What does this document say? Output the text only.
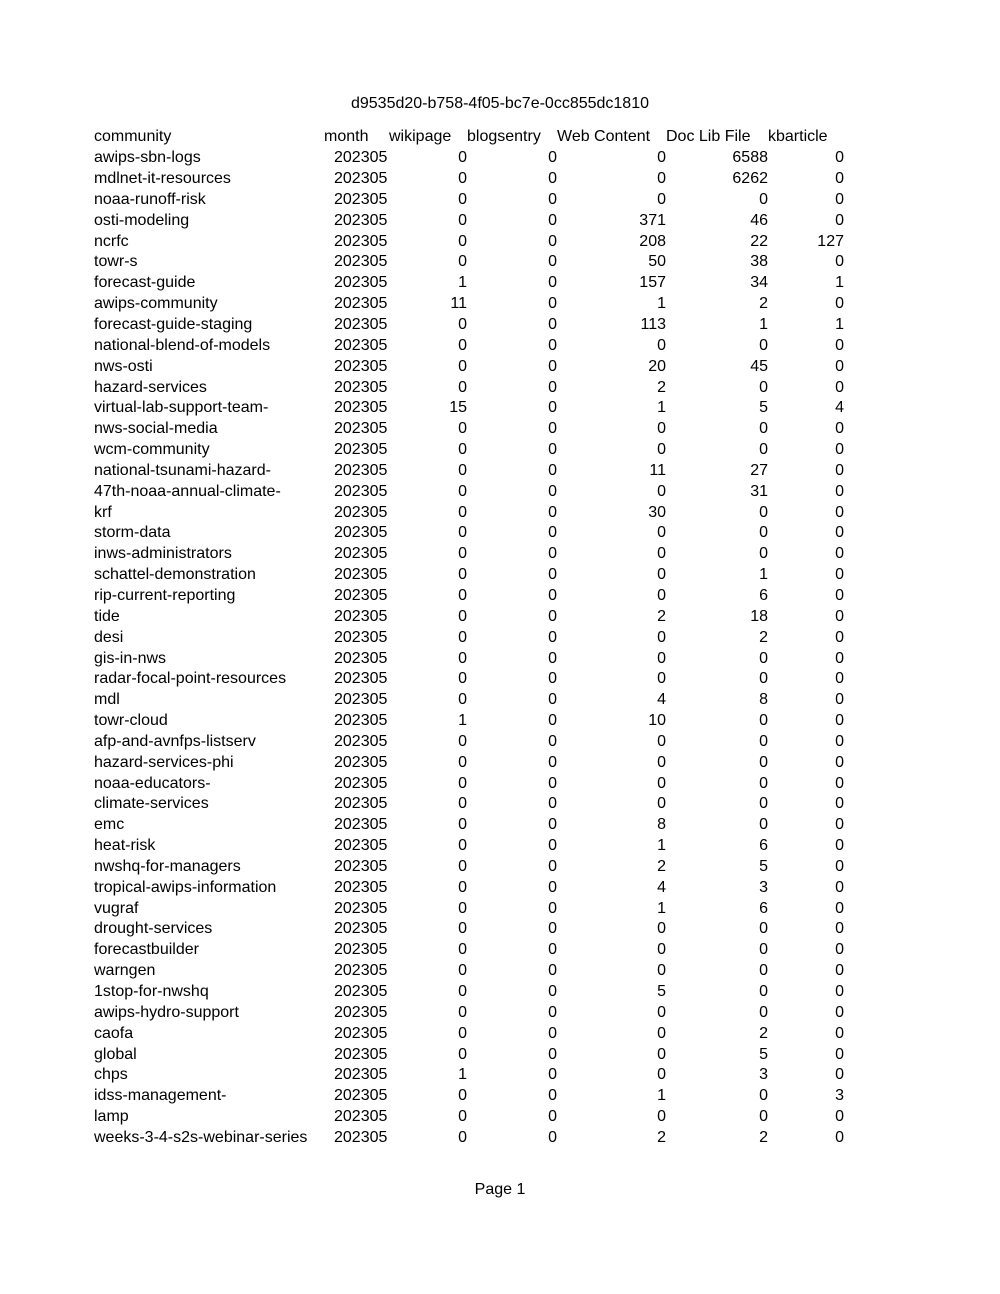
d9535d20-b758-4f05-bc7e-0cc855dc1810
community	month	wikipage	blogsentry	Web Content	Doc Lib File	kbarticle
awips-sbn-logs	202305	0	0	0	6588	0
mdlnet-it-resources	202305	0	0	0	6262	0
noaa-runoff-risk	202305	0	0	0	0	0
osti-modeling	202305	0	0	371	46	0
ncrfc	202305	0	0	208	22	127
towr-s	202305	0	0	50	38	0
forecast-guide	202305	1	0	157	34	1
awips-community	202305	11	0	1	2	0
forecast-guide-staging	202305	0	0	113	1	1
national-blend-of-models	202305	0	0	0	0	0
nws-osti	202305	0	0	20	45	0
hazard-services	202305	0	0	2	0	0
virtual-lab-support-team-	202305	15	0	1	5	4
nws-social-media	202305	0	0	0	0	0
wcm-community	202305	0	0	0	0	0
national-tsunami-hazard-	202305	0	0	11	27	0
47th-noaa-annual-climate-	202305	0	0	0	31	0
krf	202305	0	0	30	0	0
storm-data	202305	0	0	0	0	0
inws-administrators	202305	0	0	0	0	0
schattel-demonstration	202305	0	0	0	1	0
rip-current-reporting	202305	0	0	0	6	0
tide	202305	0	0	2	18	0
desi	202305	0	0	0	2	0
gis-in-nws	202305	0	0	0	0	0
radar-focal-point-resources	202305	0	0	0	0	0
mdl	202305	0	0	4	8	0
towr-cloud	202305	1	0	10	0	0
afp-and-avnfps-listserv	202305	0	0	0	0	0
hazard-services-phi	202305	0	0	0	0	0
noaa-educators-	202305	0	0	0	0	0
climate-services	202305	0	0	0	0	0
emc	202305	0	0	8	0	0
heat-risk	202305	0	0	1	6	0
nwshq-for-managers	202305	0	0	2	5	0
tropical-awips-information	202305	0	0	4	3	0
vugraf	202305	0	0	1	6	0
drought-services	202305	0	0	0	0	0
forecastbuilder	202305	0	0	0	0	0
warngen	202305	0	0	0	0	0
1stop-for-nwshq	202305	0	0	5	0	0
awips-hydro-support	202305	0	0	0	0	0
caofa	202305	0	0	0	2	0
global	202305	0	0	0	5	0
chps	202305	1	0	0	3	0
idss-management-	202305	0	0	1	0	3
lamp	202305	0	0	0	0	0
weeks-3-4-s2s-webinar-series	202305	0	0	2	2	0
Page 1
